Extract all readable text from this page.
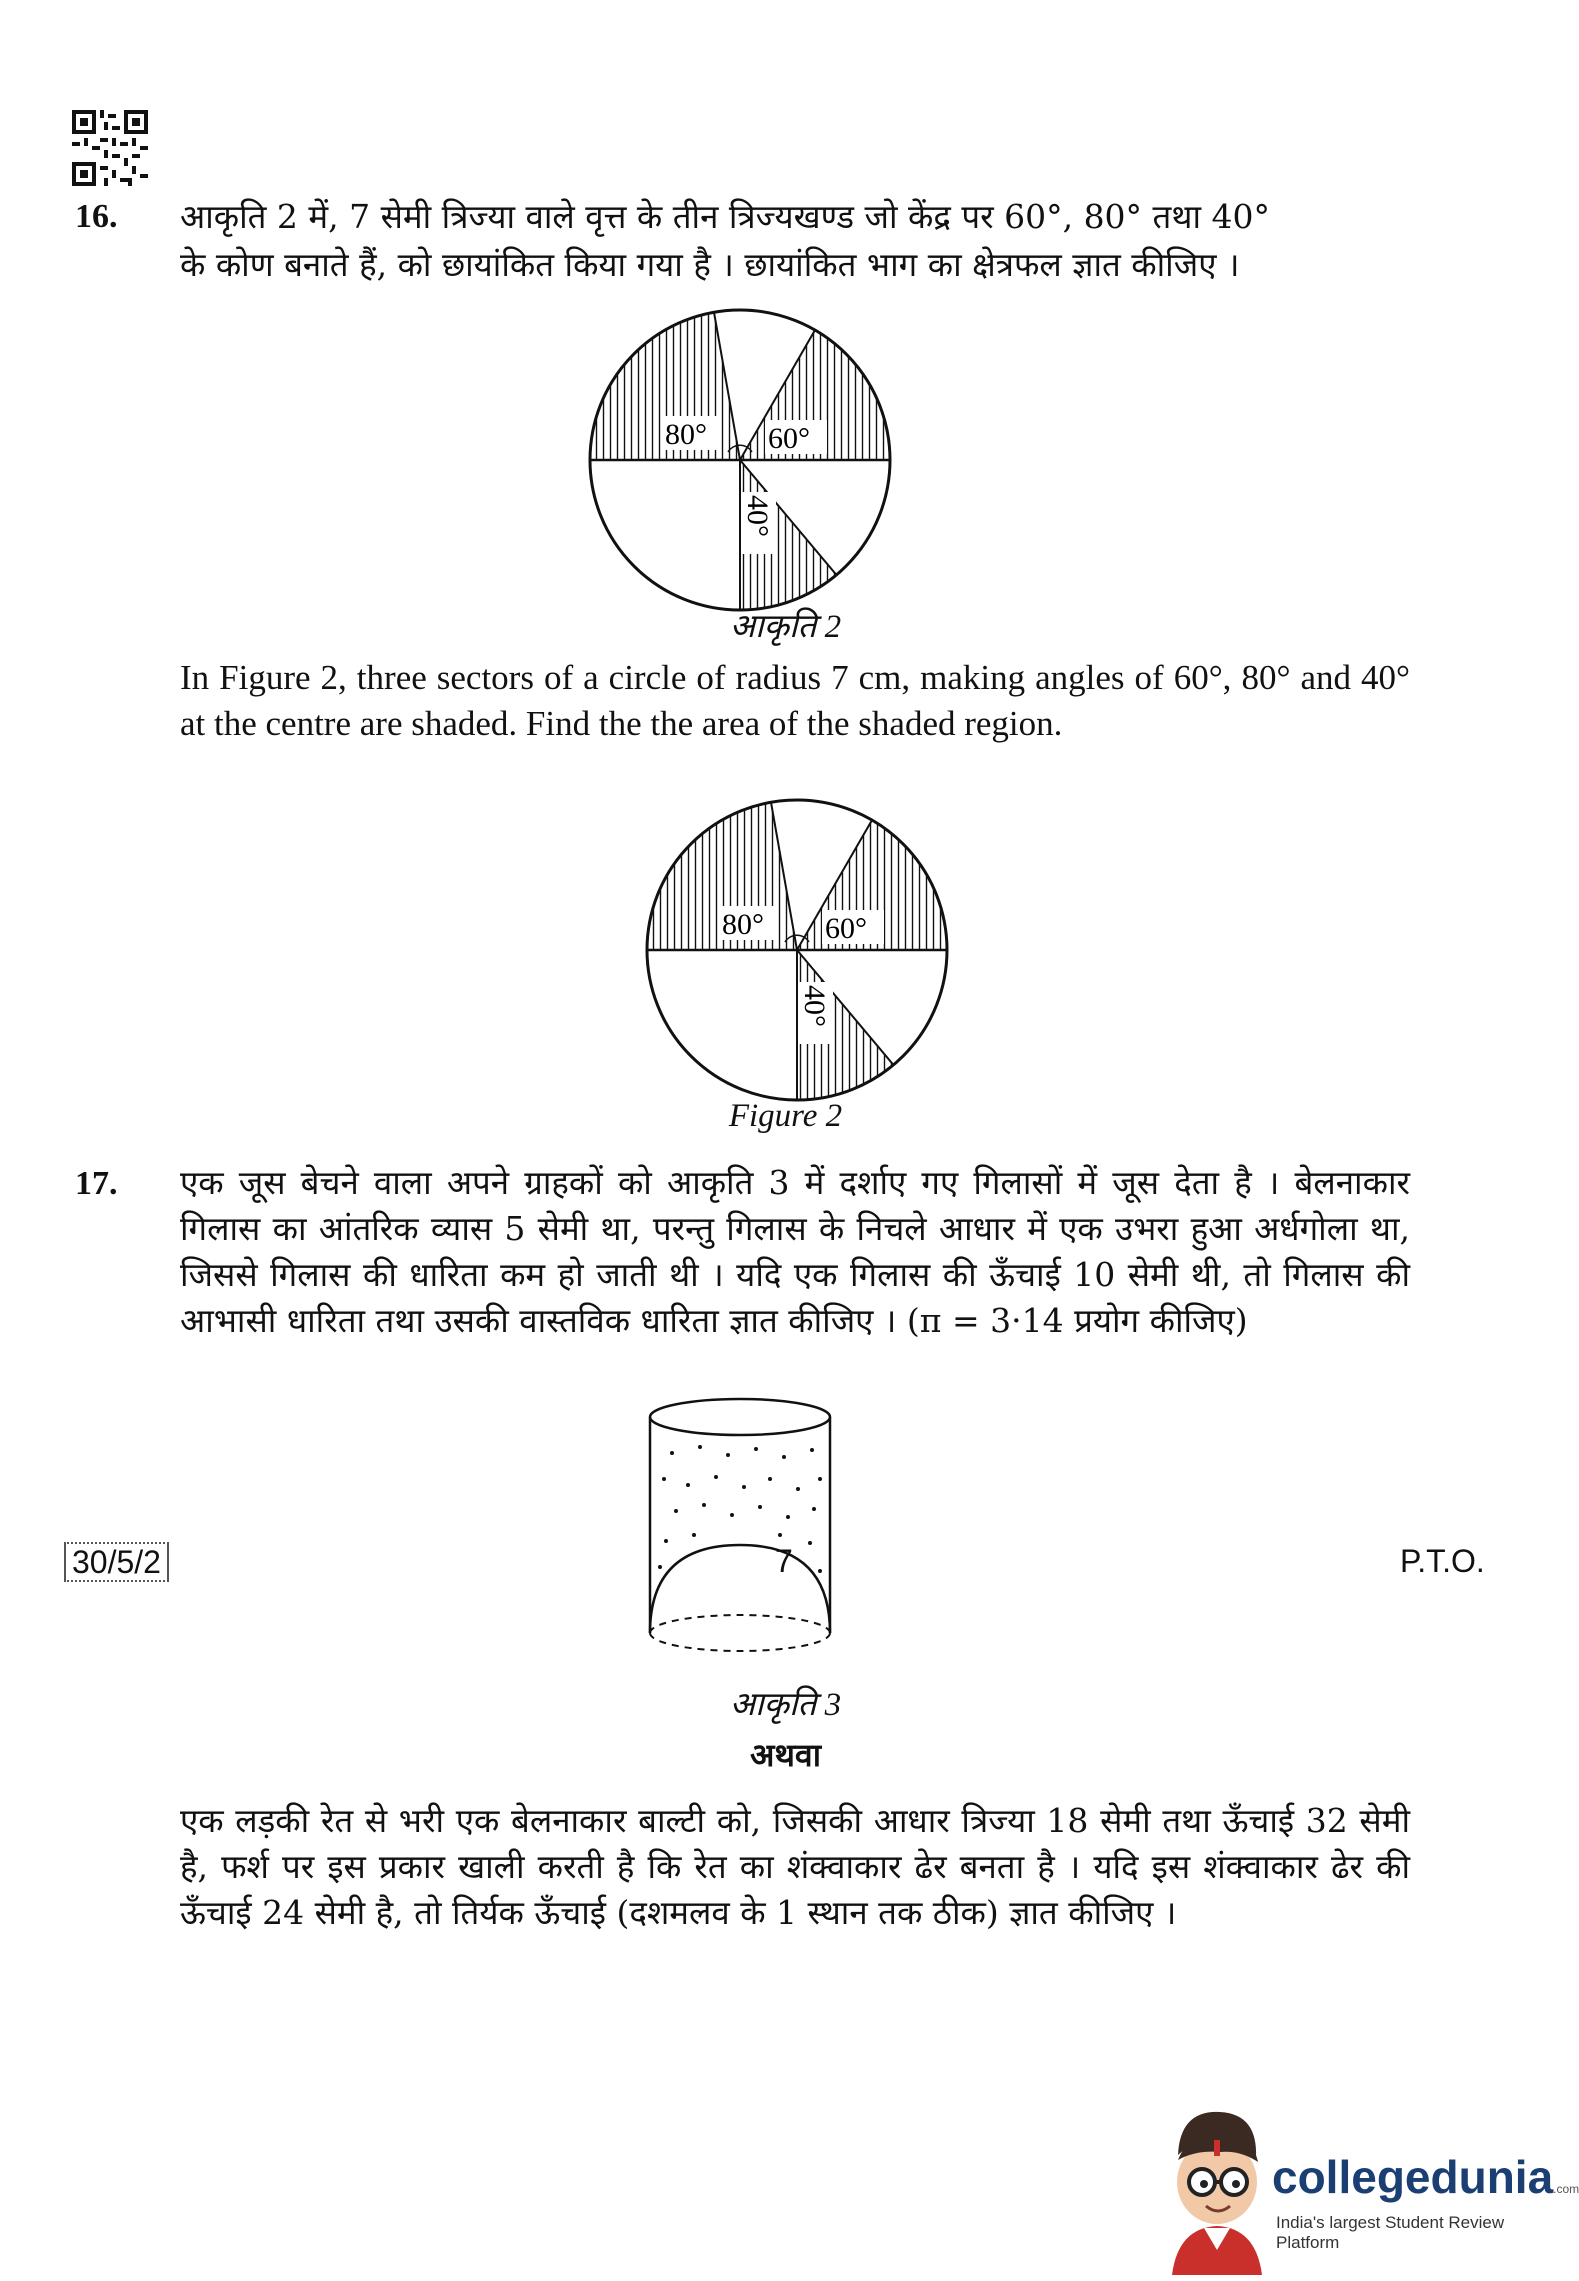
16. आकृति 2 में, 7 सेमी त्रिज्या वाले वृत्त के तीन त्रिज्यखण्ड जो केंद्र पर 60°, 80° तथा 40°
के कोण बनाते हैं, को छायांकित किया गया है । छायांकित भाग का क्षेत्रफल ज्ञात कीजिए ।
80° 60°
40°
आकृति 2
In Figure 2, three sectors of a circle of radius 7 cm, making angles of 60°, 80° and 40° at the centre are shaded. Find the the area of the shaded region.
80° 60°
40°
Figure 2
17. एक जूस बेचने वाला अपने ग्राहकों को आकृति 3 में दर्शाए गए गिलासों में जूस देता है । बेलनाकार गिलास का आंतरिक व्यास 5 सेमी था, परन्तु गिलास के निचले आधार में एक उभरा हुआ अर्धगोला था, जिससे गिलास की धारिता कम हो जाती थी । यदि एक गिलास की ऊँचाई 10 सेमी थी, तो गिलास की आभासी धारिता तथा उसकी वास्तविक धारिता ज्ञात कीजिए । (π = 3·14 प्रयोग कीजिए)
आकृति 3
अथवा
एक लड़की रेत से भरी एक बेलनाकार बाल्टी को, जिसकी आधार त्रिज्या 18 सेमी तथा ऊँचाई 32 सेमी है, फर्श पर इस प्रकार खाली करती है कि रेत का शंक्वाकार ढेर बनता है । यदि इस शंक्वाकार ढेर की ऊँचाई 24 सेमी है, तो तिर्यक ऊँचाई (दशमलव के 1 स्थान तक ठीक) ज्ञात कीजिए ।
30/5/2	7	P.T.O.
collegedunia.com
India's largest Student Review Platform
